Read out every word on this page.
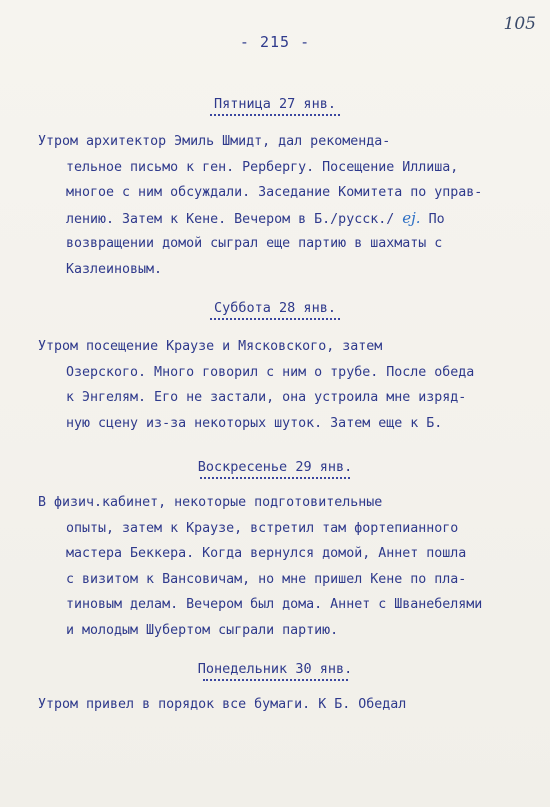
- 215 -
105
Пятница 27 янв.
Утром архитектор Эмиль Шмидт, дал рекоменда-
тельное письмо к ген. Рербергу. Посещение Иллиша,
многое с ним обсуждали. Заседание Комитета по управ-
лению. Затем к Кене. Вечером в Б./русск./ ej. По
возвращении домой сыграл еще партию в шахматы с
Казлеиновым.
Суббота 28 янв.
Утром посещение Краузе и Мясковского, затем
Озерского. Много говорил с ним о трубе. После обеда
к Энгелям. Его не застали, она устроила мне изряд-
ную сцену из-за некоторых шуток. Затем еще к Б.
Воскресенье 29 янв.
В физич.кабинет, некоторые подготовительные
опыты, затем к Краузе, встретил там фортепианного
мастера Беккера. Когда вернулся домой, Аннет пошла
с визитом к Вансовичам, но мне пришел Кене по пла-
тиновым делам. Вечером был дома. Аннет с Шванебелями
и молодым Шубертом сыграли партию.
Понедельник 30 янв.
Утром привел в порядок все бумаги. К Б. Обедал
